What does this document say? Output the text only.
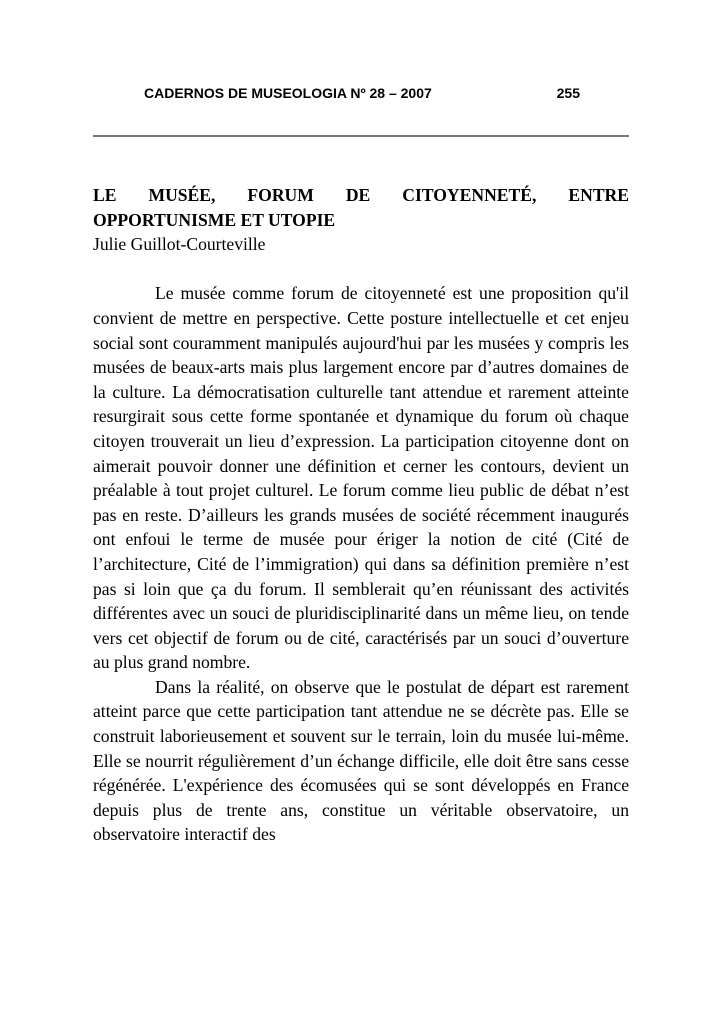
CADERNOS DE MUSEOLOGIA Nº 28 – 2007	255
LE MUSÉE, FORUM DE CITOYENNETÉ, ENTRE
OPPORTUNISME ET UTOPIE

Julie Guillot-Courteville

Le musée comme forum de citoyenneté est une proposition qu'il convient de mettre en perspective. Cette posture intellectuelle et cet enjeu social sont couramment manipulés aujourd'hui par les musées y compris les musées de beaux-arts mais plus largement encore par d’autres domaines de la culture. La démocratisation culturelle tant attendue et rarement atteinte resurgirait sous cette forme spontanée et dynamique du forum où chaque citoyen trouverait un lieu d’expression. La participation citoyenne dont on aimerait pouvoir donner une définition et cerner les contours, devient un préalable à tout projet culturel. Le forum comme lieu public de débat n’est pas en reste. D’ailleurs les grands musées de société récemment inaugurés ont enfoui le terme de musée pour ériger la notion de cité (Cité de l’architecture, Cité de l’immigration) qui dans sa définition première n’est pas si loin que ça du forum. Il semblerait qu’en réunissant des activités différentes avec un souci de pluridisciplinarité dans un même lieu, on tende vers cet objectif de forum ou de cité, caractérisés par un souci d’ouverture au plus grand nombre.

Dans la réalité, on observe que le postulat de départ est rarement atteint parce que cette participation tant attendue ne se décrète pas. Elle se construit laborieusement et souvent sur le terrain, loin du musée lui-même. Elle se nourrit régulièrement d’un échange difficile, elle doit être sans cesse régénérée. L'expérience des écomusées qui se sont développés en France depuis plus de trente ans, constitue un véritable observatoire, un observatoire interactif des
